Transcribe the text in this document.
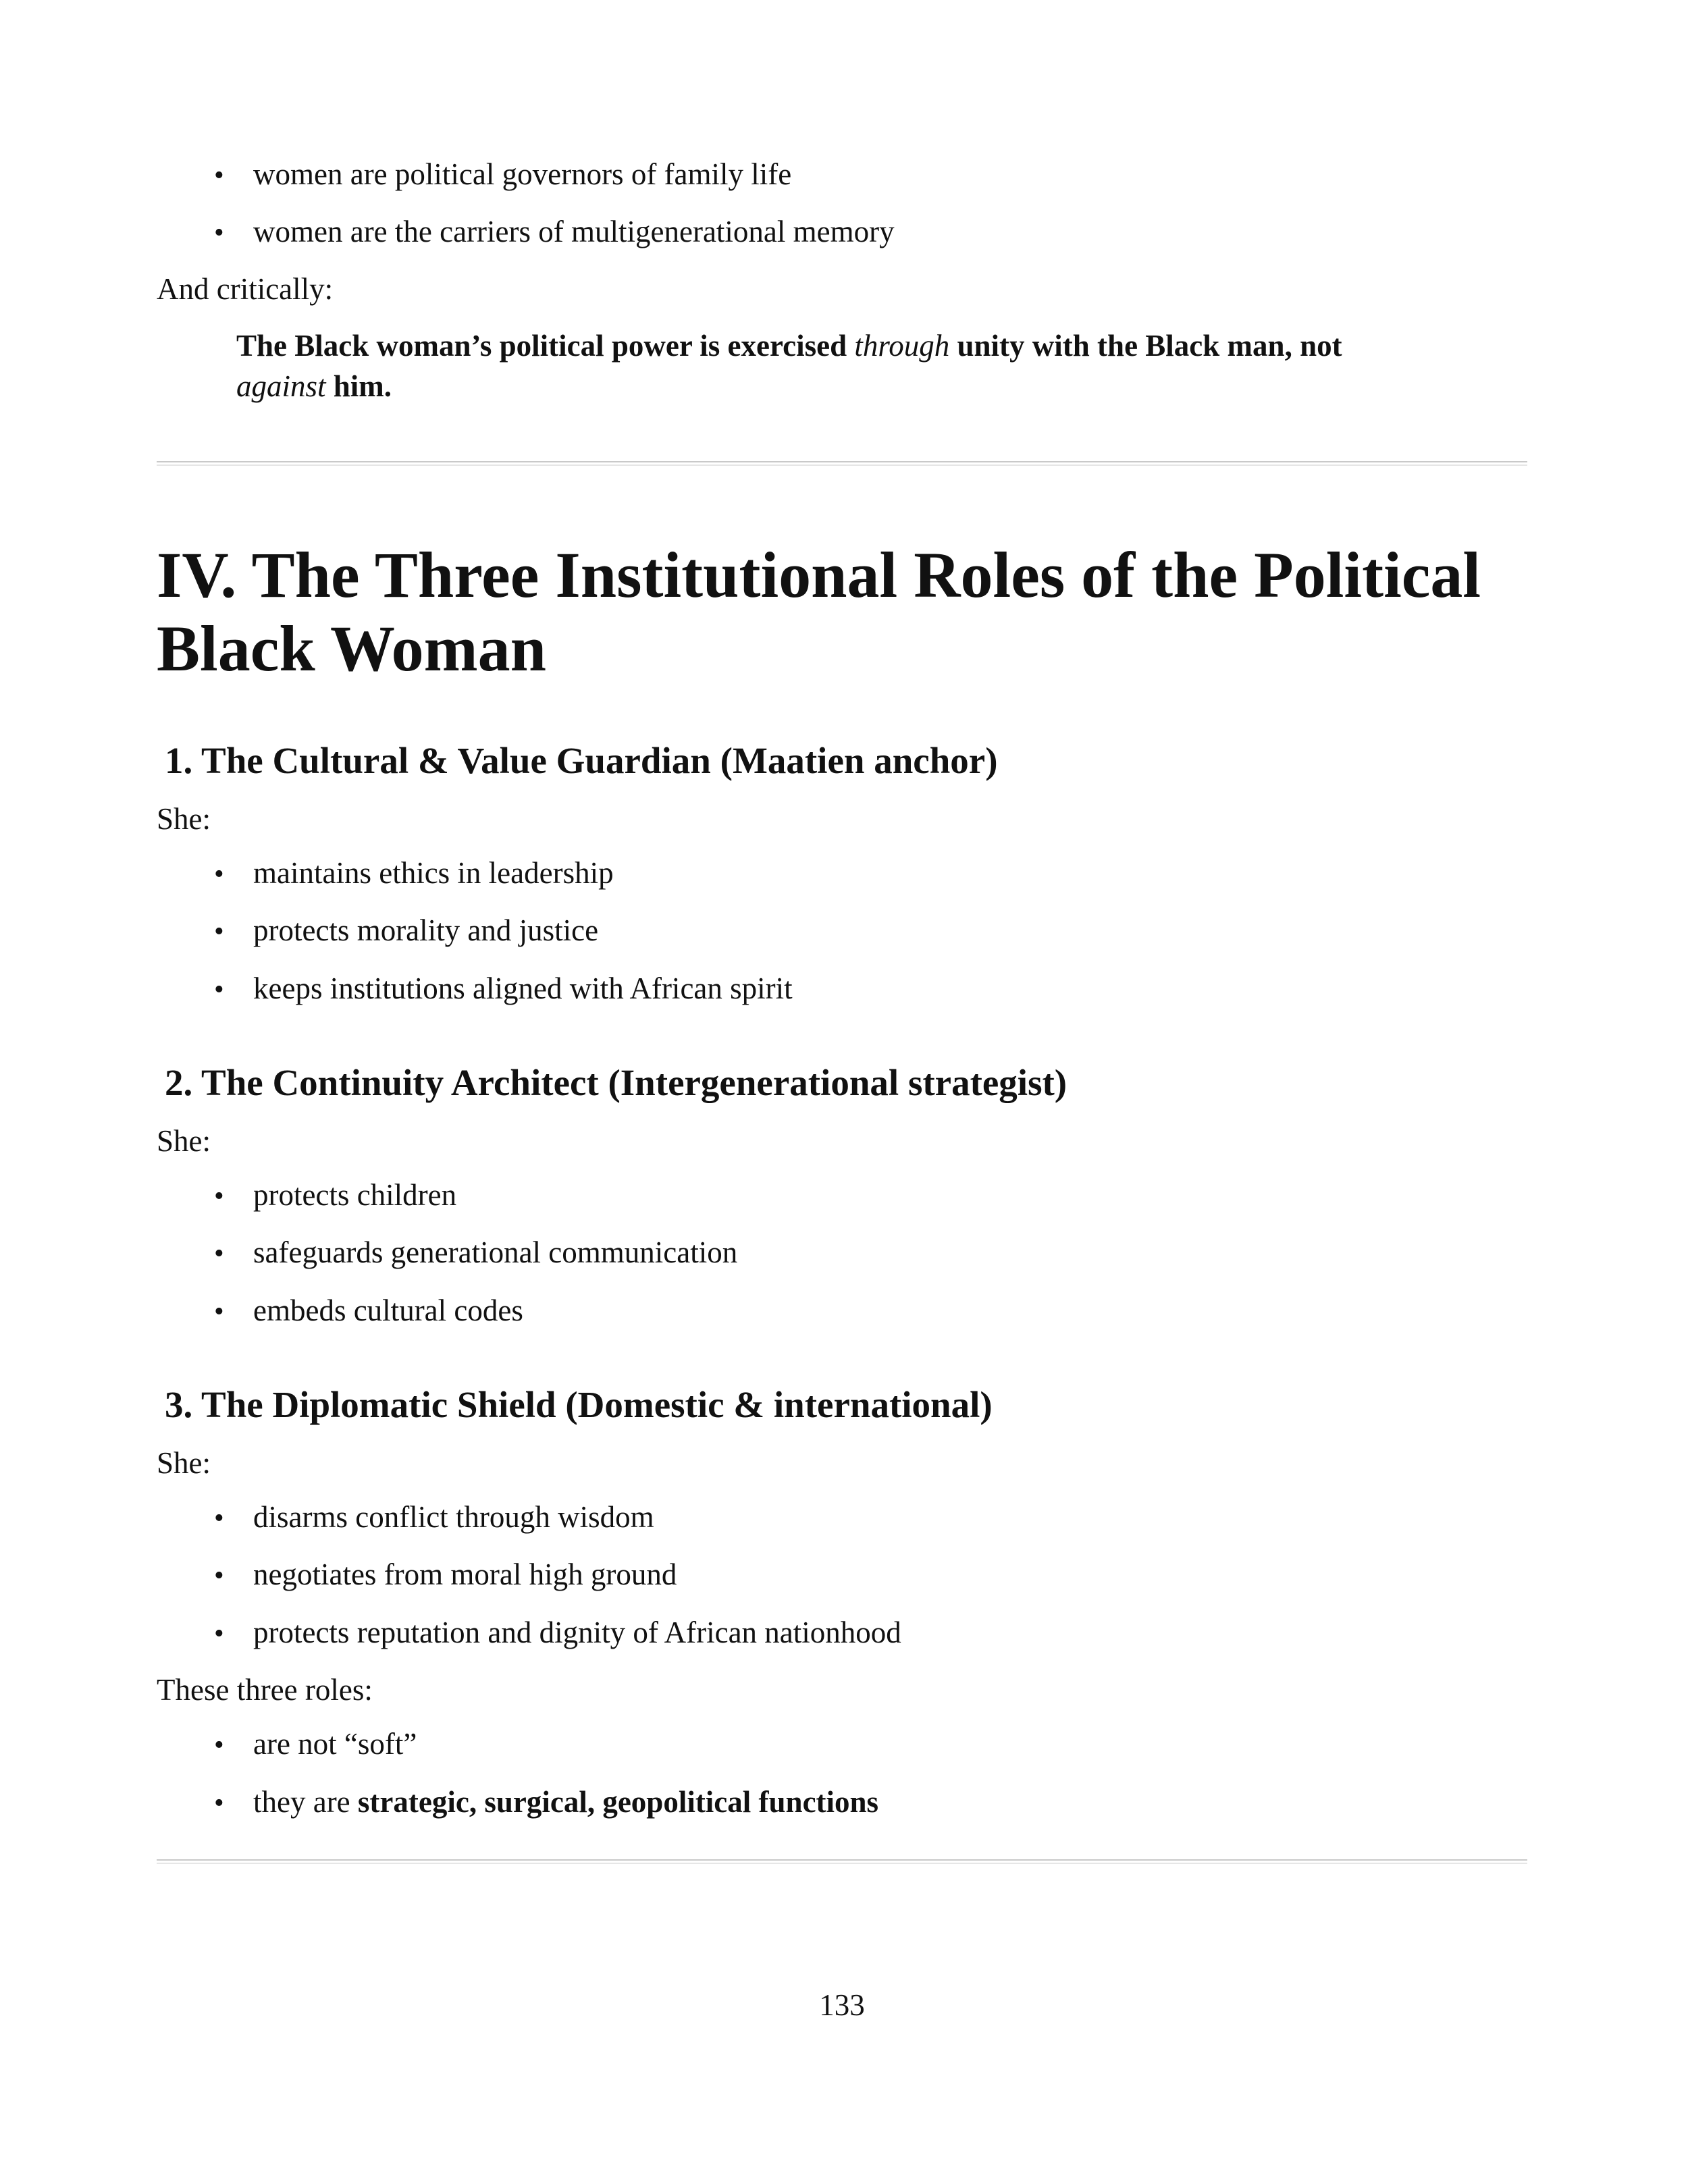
• women are political governors of family life
• women are the carriers of multigenerational memory
And critically:
The Black woman’s political power is exercised through unity with the Black man, not
against him.
IV. The Three Institutional Roles of the Political
Black Woman
1. The Cultural & Value Guardian (Maatien anchor)
She:
• maintains ethics in leadership
• protects morality and justice
• keeps institutions aligned with African spirit
2. The Continuity Architect (Intergenerational strategist)
She:
• protects children
• safeguards generational communication
• embeds cultural codes
3. The Diplomatic Shield (Domestic & international)
She:
• disarms conflict through wisdom
• negotiates from moral high ground
• protects reputation and dignity of African nationhood
These three roles:
• are not “soft”
• they are strategic, surgical, geopolitical functions
133
